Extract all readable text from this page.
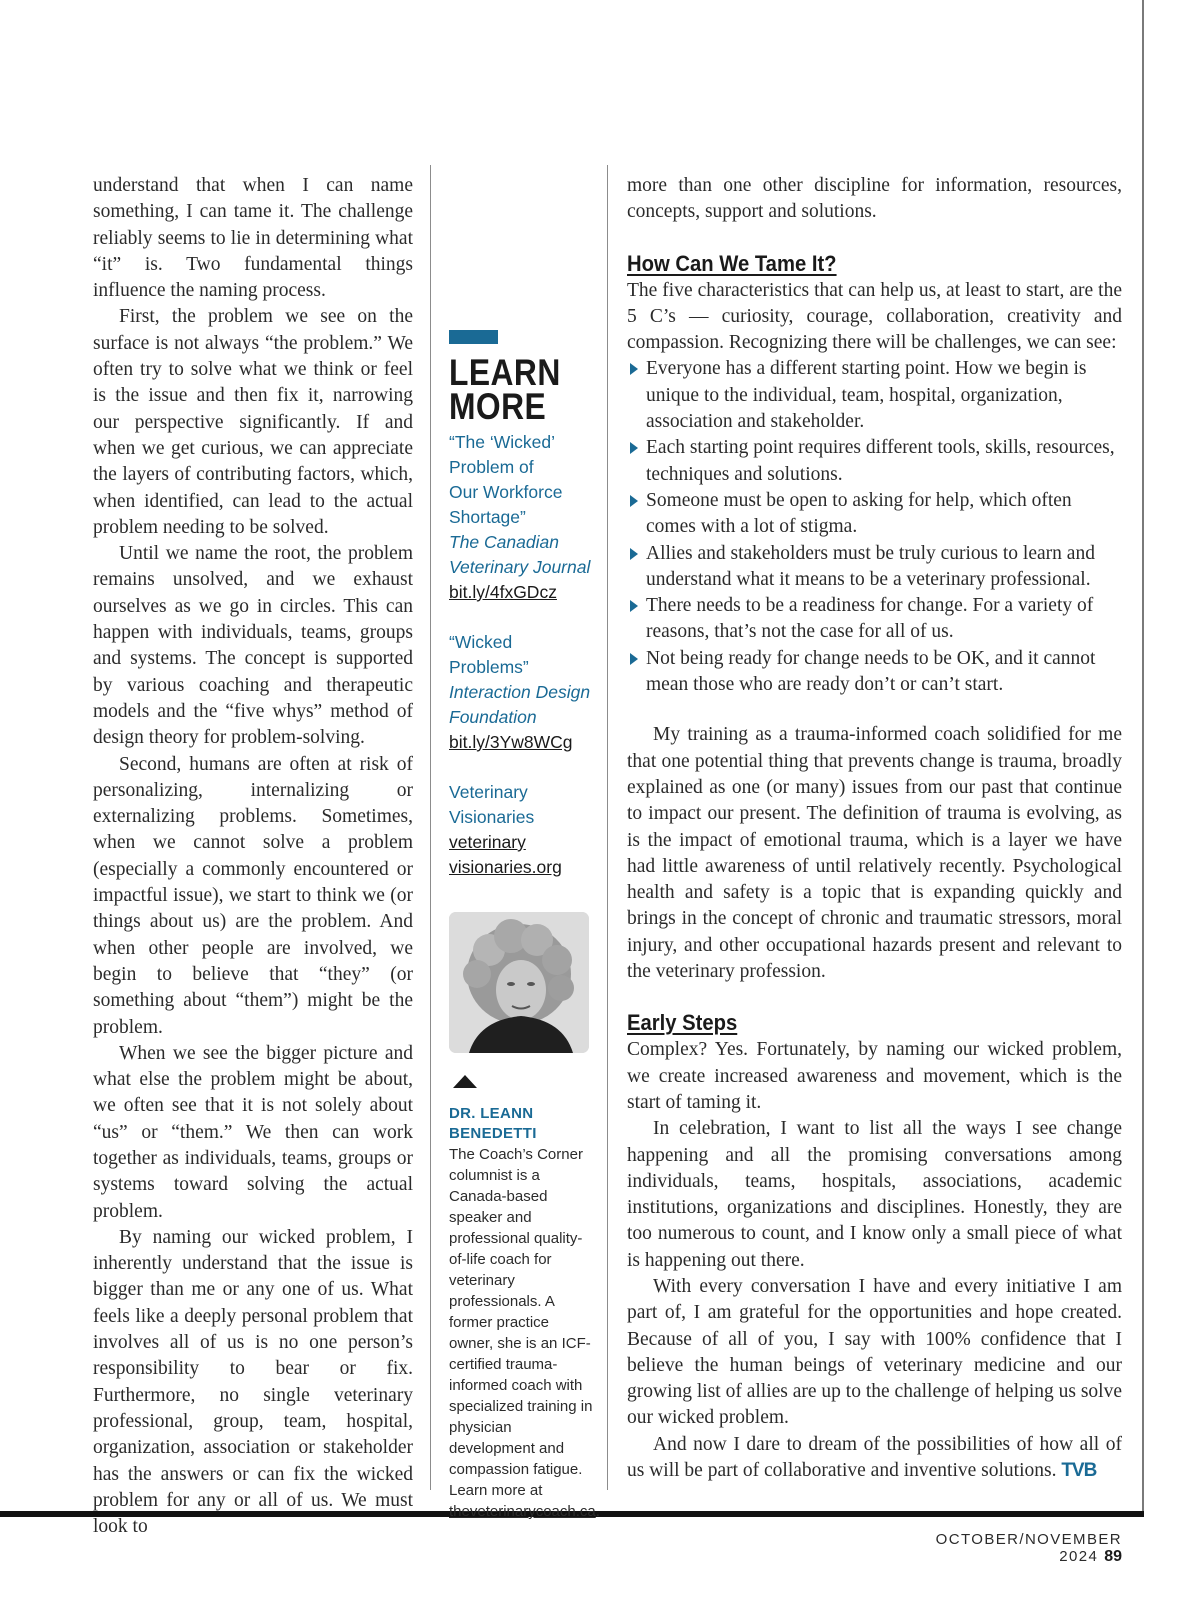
understand that when I can name something, I can tame it. The challenge reliably seems to lie in determining what “it” is. Two fundamental things influence the naming process.

First, the problem we see on the surface is not always “the problem.” We often try to solve what we think or feel is the issue and then fix it, narrowing our perspective significantly. If and when we get curious, we can appreciate the layers of contributing factors, which, when identified, can lead to the actual problem needing to be solved.

Until we name the root, the problem remains unsolved, and we exhaust ourselves as we go in circles. This can happen with individuals, teams, groups and systems. The concept is supported by various coaching and therapeutic models and the “five whys” method of design theory for problem-solving.

Second, humans are often at risk of personalizing, internalizing or externalizing problems. Sometimes, when we cannot solve a problem (especially a commonly encountered or impactful issue), we start to think we (or things about us) are the problem. And when other people are involved, we begin to believe that “they” (or something about “them”) might be the problem.

When we see the bigger picture and what else the problem might be about, we often see that it is not solely about “us” or “them.” We then can work together as individuals, teams, groups or systems toward solving the actual problem.

By naming our wicked problem, I inherently understand that the issue is bigger than me or any one of us. What feels like a deeply personal problem that involves all of us is no one person’s responsibility to bear or fix. Furthermore, no single veterinary professional, group, team, hospital, organization, association or stakeholder has the answers or can fix the wicked problem for any or all of us. We must look to

LEARN
MORE
“The ‘Wicked’
Problem of
Our Workforce
Shortage”
The Canadian
Veterinary Journal
bit.ly/4fxGDcz
“Wicked
Problems”
Interaction Design
Foundation
bit.ly/3Yw8WCg
Veterinary
Visionaries
veterinary
visionaries.org
DR. LEANN BENEDETTI
The Coach’s Corner columnist is a Canada-based speaker and professional quality-of-life coach for veterinary professionals. A former practice owner, she is an ICF-certified trauma-informed coach with specialized training in physician development and compassion fatigue. Learn more at theveterinarycoach.ca.

more than one other discipline for information, resources, concepts, support and solutions.

How Can We Tame It?

The five characteristics that can help us, at least to start, are the 5 C’s — curiosity, courage, collaboration, creativity and compassion. Recognizing there will be challenges, we can see:

Everyone has a different starting point. How we begin is unique to the individual, team, hospital, organization, association and stakeholder.
Each starting point requires different tools, skills, resources, techniques and solutions.
Someone must be open to asking for help, which often comes with a lot of stigma.
Allies and stakeholders must be truly curious to learn and understand what it means to be a veterinary professional.
There needs to be a readiness for change. For a variety of reasons, that’s not the case for all of us.
Not being ready for change needs to be OK, and it cannot mean those who are ready don’t or can’t start.

My training as a trauma-informed coach solidified for me that one potential thing that prevents change is trauma, broadly explained as one (or many) issues from our past that continue to impact our present. The definition of trauma is evolving, as is the impact of emotional trauma, which is a layer we have had little awareness of until relatively recently. Psychological health and safety is a topic that is expanding quickly and brings in the concept of chronic and traumatic stressors, moral injury, and other occupational hazards present and relevant to the veterinary profession.

Early Steps

Complex? Yes. Fortunately, by naming our wicked problem, we create increased awareness and movement, which is the start of taming it.

In celebration, I want to list all the ways I see change happening and all the promising conversations among individuals, teams, hospitals, associations, academic institutions, organizations and disciplines. Honestly, they are too numerous to count, and I know only a small piece of what is happening out there.

With every conversation I have and every initiative I am part of, I am grateful for the opportunities and hope created. Because of all of you, I say with 100% confidence that I believe the human beings of veterinary medicine and our growing list of allies are up to the challenge of helping us solve our wicked problem.

And now I dare to dream of the possibilities of how all of us will be part of collaborative and inventive solutions. TVB

OCTOBER/NOVEMBER 2024 89
